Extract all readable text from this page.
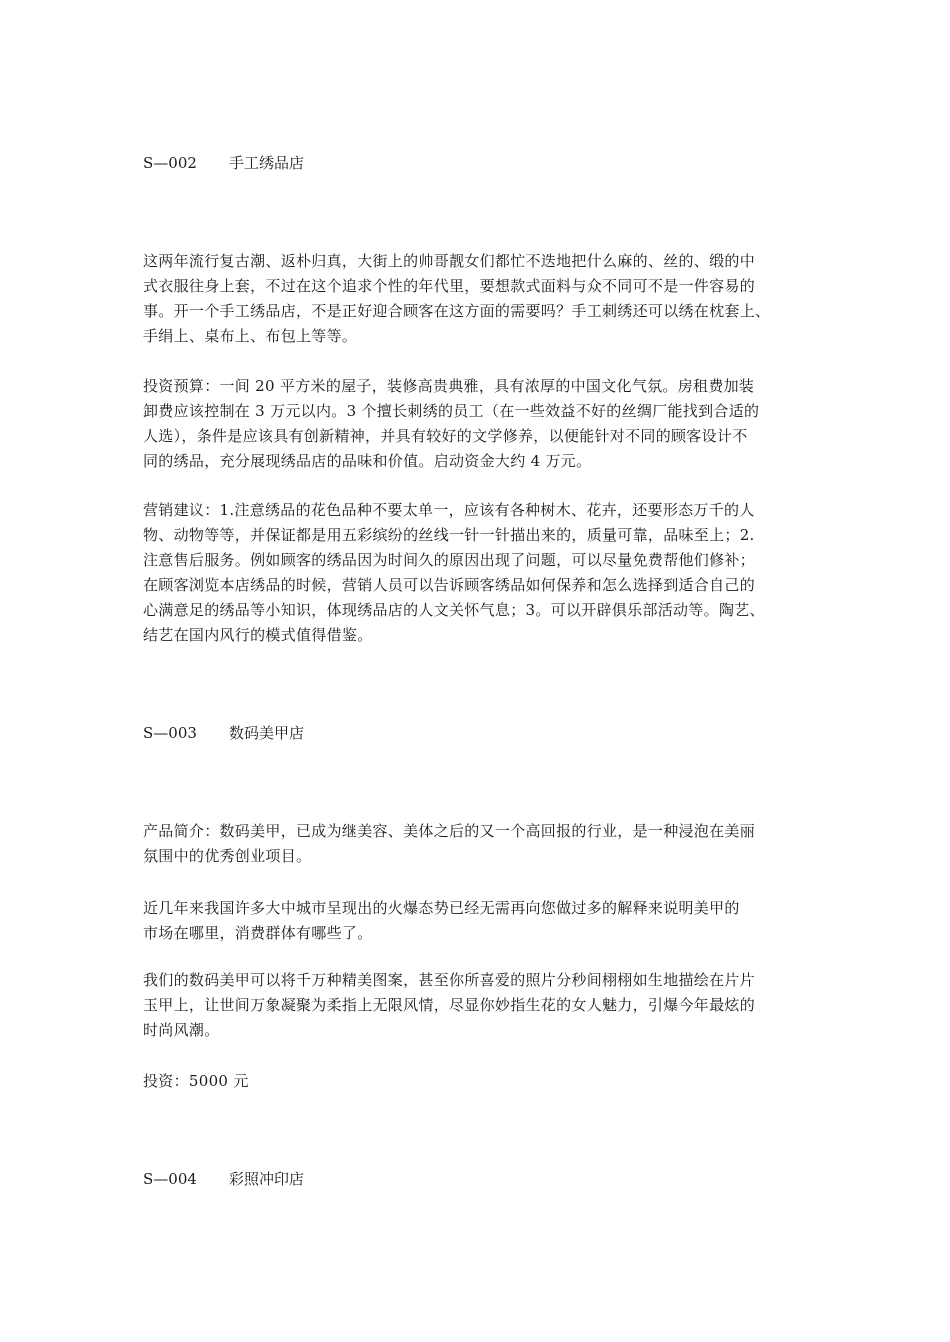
S—002 手工绣品店
这两年流行复古潮、返朴归真，大街上的帅哥靓女们都忙不迭地把什么麻的、丝的、缎的中
式衣服往身上套，不过在这个追求个性的年代里，要想款式面料与众不同可不是一件容易的
事。开一个手工绣品店，不是正好迎合顾客在这方面的需要吗？手工刺绣还可以绣在枕套上、
手绢上、桌布上、布包上等等。
投资预算：一间 20 平方米的屋子，装修高贵典雅，具有浓厚的中国文化气氛。房租费加装
卸费应该控制在 3 万元以内。3 个擅长刺绣的员工（在一些效益不好的丝绸厂能找到合适的
人选），条件是应该具有创新精神，并具有较好的文学修养，以便能针对不同的顾客设计不
同的绣品，充分展现绣品店的品味和价值。启动资金大约 4 万元。
营销建议：1.注意绣品的花色品种不要太单一，应该有各种树木、花卉，还要形态万千的人
物、动物等等，并保证都是用五彩缤纷的丝线一针一针描出来的，质量可靠，品味至上；2.
注意售后服务。例如顾客的绣品因为时间久的原因出现了问题，可以尽量免费帮他们修补；
在顾客浏览本店绣品的时候，营销人员可以告诉顾客绣品如何保养和怎么选择到适合自己的
心满意足的绣品等小知识，体现绣品店的人文关怀气息；3。可以开辟俱乐部活动等。陶艺、
结艺在国内风行的模式值得借鉴。
S—003 数码美甲店
产品简介：数码美甲，已成为继美容、美体之后的又一个高回报的行业，是一种浸泡在美丽
氛围中的优秀创业项目。
近几年来我国许多大中城市呈现出的火爆态势已经无需再向您做过多的解释来说明美甲的
市场在哪里，消费群体有哪些了。
我们的数码美甲可以将千万种精美图案，甚至你所喜爱的照片分秒间栩栩如生地描绘在片片
玉甲上，让世间万象凝聚为柔指上无限风情，尽显你妙指生花的女人魅力，引爆今年最炫的
时尚风潮。
投资：5000 元
S—004 彩照冲印店
